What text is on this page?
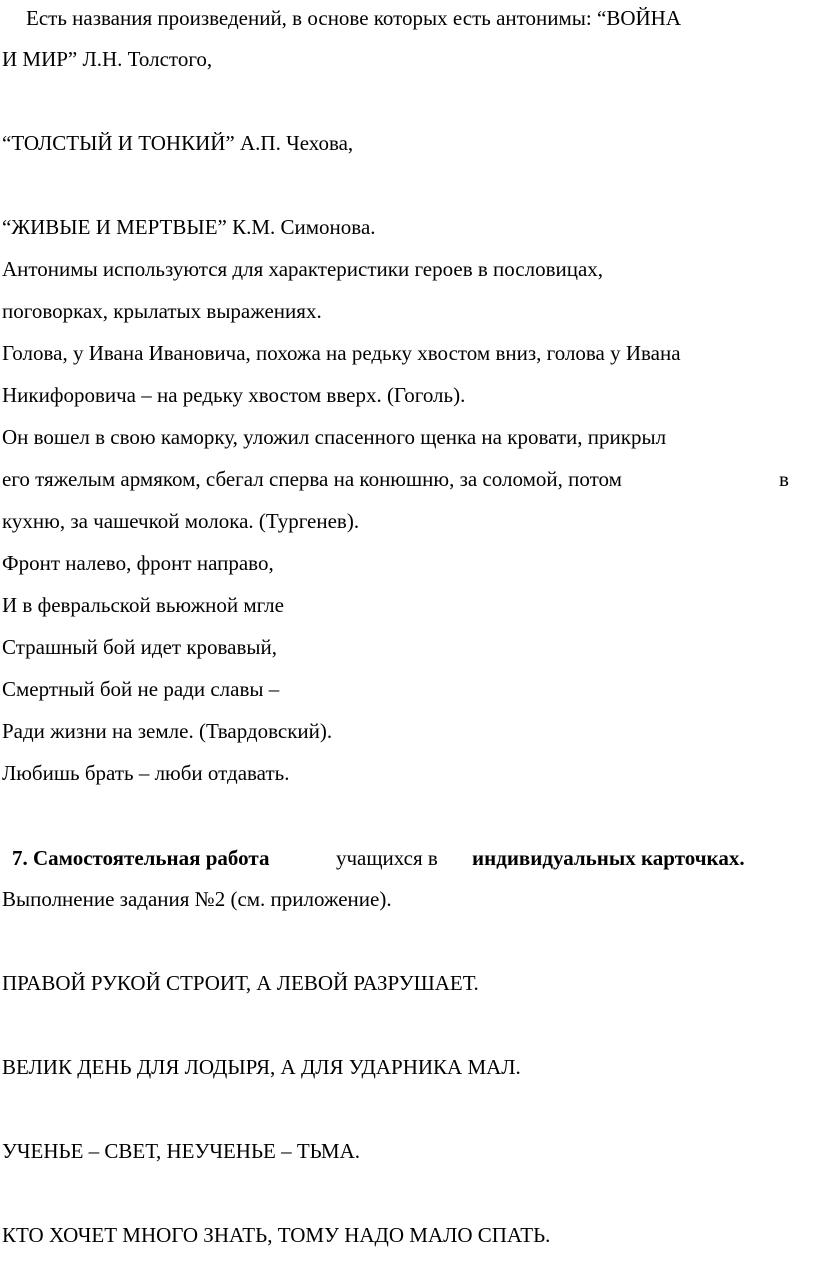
Есть названия произведений, в основе которых есть антонимы: “ВОЙНА
И МИР” Л.Н. Толстого,
“ТОЛСТЫЙ И ТОНКИЙ” А.П. Чехова,
“ЖИВЫЕ И МЕРТВЫЕ” К.М. Симонова.
Антонимы используются для характеристики героев в пословицах,
поговорках, крылатых выражениях.
Голова, у Ивана Ивановича, похожа на редьку хвостом вниз, голова у Ивана
Никифоровича – на редьку хвостом вверх. (Гоголь).
Он вошел в свою каморку, уложил спасенного щенка на кровати, прикрыл
его тяжелым армяком, сбегал сперва на конюшню, за соломой, потом	в
кухню, за чашечкой молока. (Тургенев).
Фронт налево, фронт направо,
И в февральской вьюжной мгле
Страшный бой идет кровавый,
Смертный бой не ради славы –
Ради жизни на земле. (Твардовский).
Любишь брать – люби отдавать.
7. Самостоятельная работа	учащихся в индивидуальных карточках.
Выполнение задания №2 (см. приложение).
ПРАВОЙ РУКОЙ СТРОИТ, А ЛЕВОЙ РАЗРУШАЕТ.
ВЕЛИК ДЕНЬ ДЛЯ ЛОДЫРЯ, А ДЛЯ УДАРНИКА МАЛ.
УЧЕНЬЕ – СВЕТ, НЕУЧЕНЬЕ – ТЬМА.
КТО ХОЧЕТ МНОГО ЗНАТЬ, ТОМУ НАДО МАЛО СПАТЬ.
